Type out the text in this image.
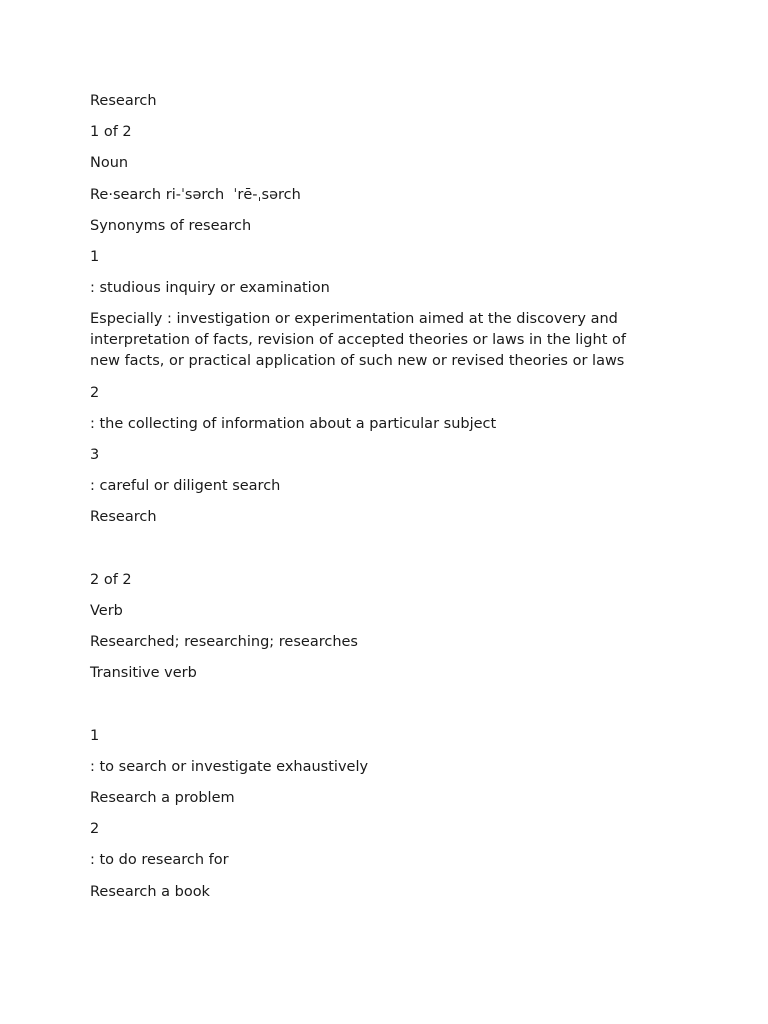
Research

1 of 2

Noun

Re·search ri-ˈsərch  ˈrē-ˌsərch

Synonyms of research

1

: studious inquiry or examination

Especially : investigation or experimentation aimed at the discovery and interpretation of facts, revision of accepted theories or laws in the light of new facts, or practical application of such new or revised theories or laws

2

: the collecting of information about a particular subject

3

: careful or diligent search

Research

2 of 2

Verb

Researched; researching; researches

Transitive verb

1

: to search or investigate exhaustively

Research a problem

2

: to do research for

Research a book
